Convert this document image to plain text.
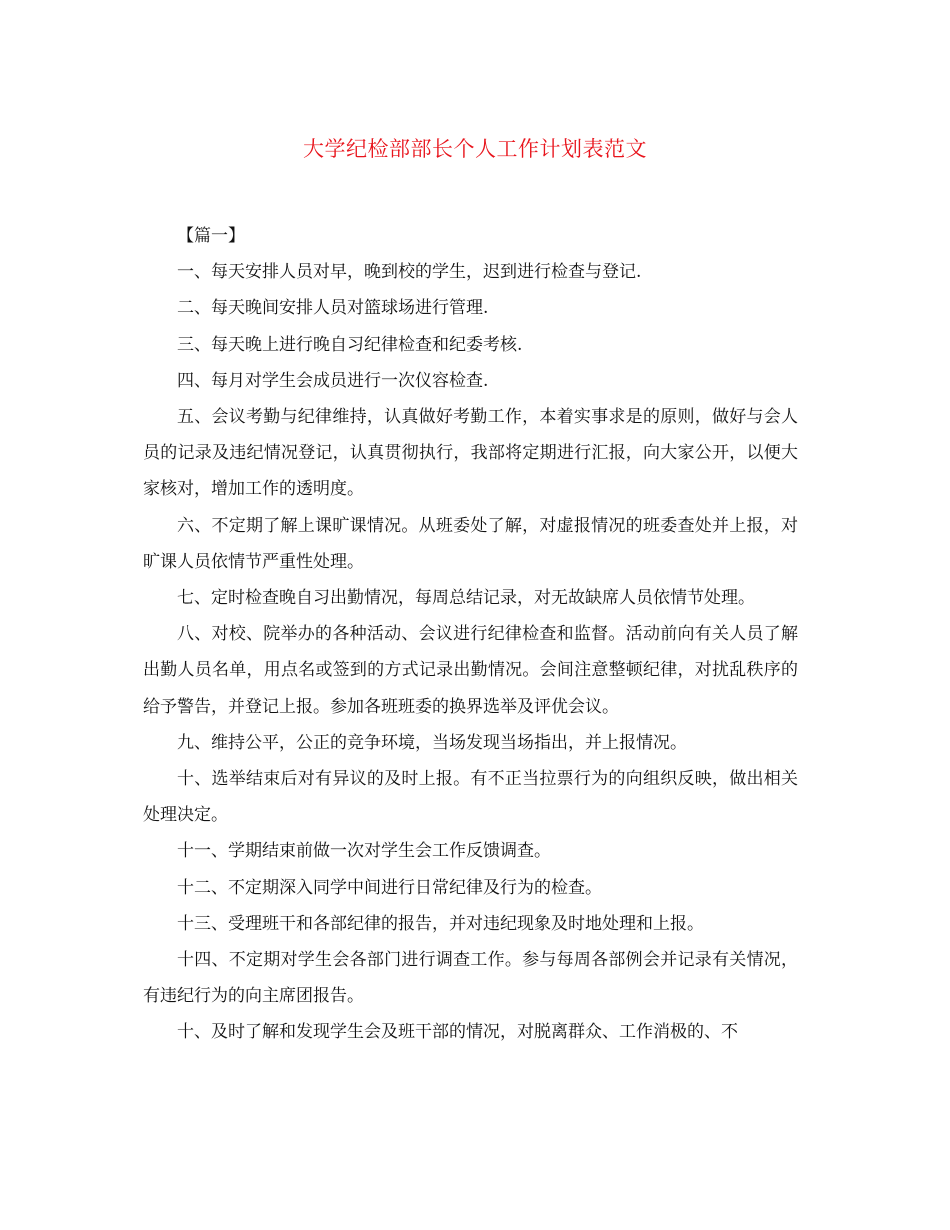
大学纪检部部长个人工作计划表范文

【篇一】

一、每天安排人员对早，晚到校的学生，迟到进行检查与登记.

二、每天晚间安排人员对篮球场进行管理.

三、每天晚上进行晚自习纪律检查和纪委考核.

四、每月对学生会成员进行一次仪容检查.

五、会议考勤与纪律维持，认真做好考勤工作，本着实事求是的原则，做好与会人员的记录及违纪情况登记，认真贯彻执行，我部将定期进行汇报，向大家公开，以便大家核对，增加工作的透明度。

六、不定期了解上课旷课情况。从班委处了解，对虚报情况的班委查处并上报，对旷课人员依情节严重性处理。

七、定时检查晚自习出勤情况，每周总结记录，对无故缺席人员依情节处理。

八、对校、院举办的各种活动、会议进行纪律检查和监督。活动前向有关人员了解出勤人员名单，用点名或签到的方式记录出勤情况。会间注意整顿纪律，对扰乱秩序的给予警告，并登记上报。参加各班班委的换界选举及评优会议。

九、维持公平，公正的竞争环境，当场发现当场指出，并上报情况。

十、选举结束后对有异议的及时上报。有不正当拉票行为的向组织反映，做出相关处理决定。

十一、学期结束前做一次对学生会工作反馈调查。

十二、不定期深入同学中间进行日常纪律及行为的检查。

十三、受理班干和各部纪律的报告，并对违纪现象及时地处理和上报。

十四、不定期对学生会各部门进行调查工作。参与每周各部例会并记录有关情况，有违纪行为的向主席团报告。

十、及时了解和发现学生会及班干部的情况，对脱离群众、工作消极的、不
